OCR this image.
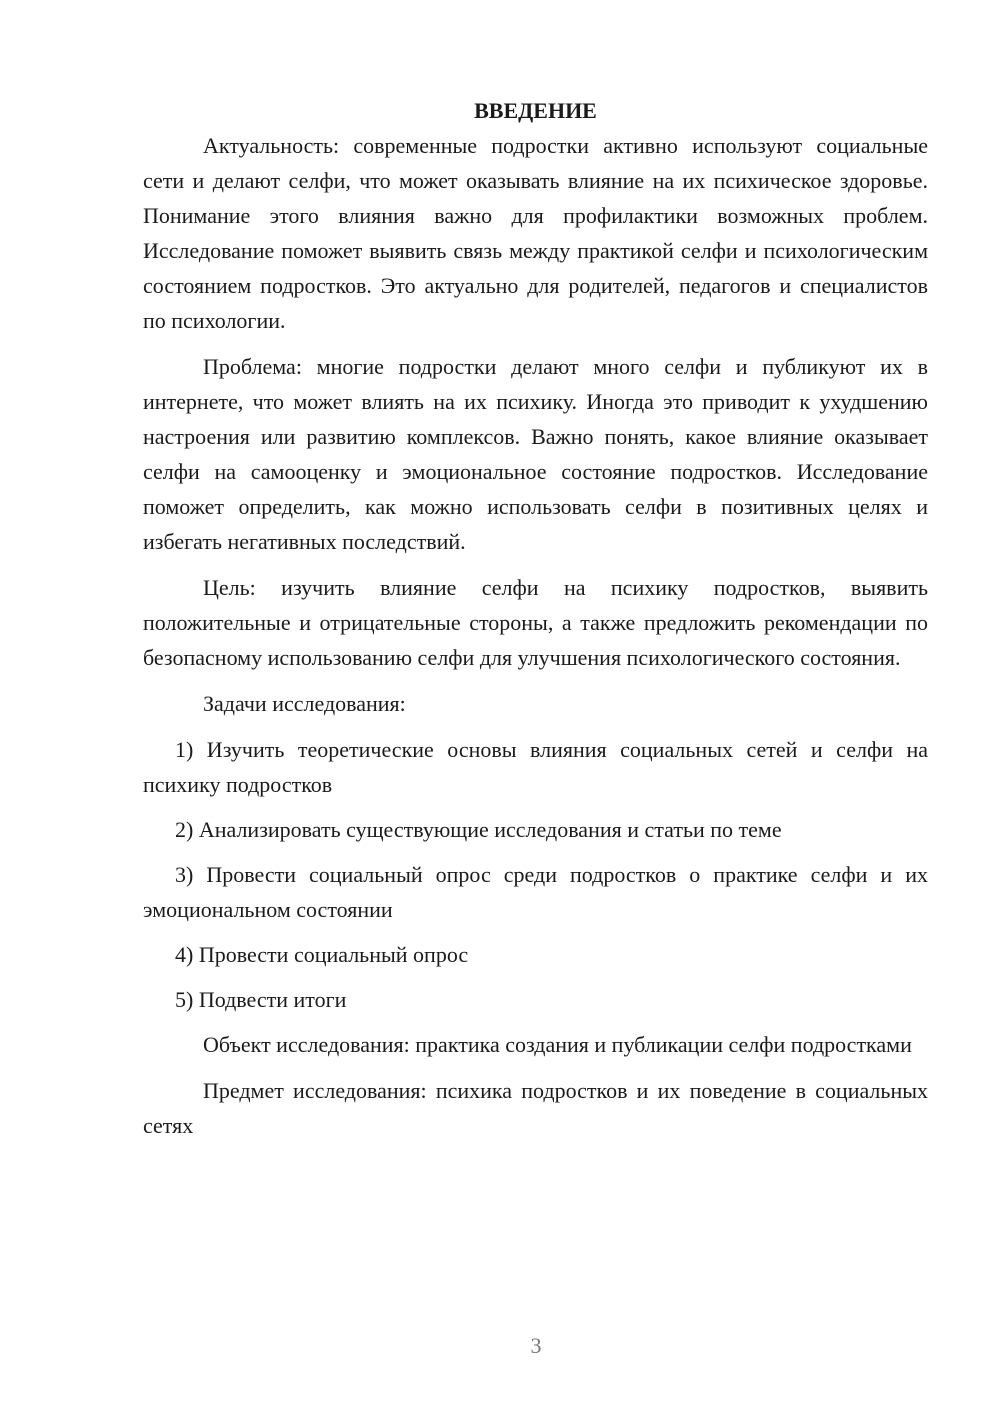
ВВЕДЕНИЕ

Актуальность: современные подростки активно используют социальные сети и делают селфи, что может оказывать влияние на их психическое здоровье. Понимание этого влияния важно для профилактики возможных проблем. Исследование поможет выявить связь между практикой селфи и психологическим состоянием подростков. Это актуально для родителей, педагогов и специалистов по психологии.

Проблема: многие подростки делают много селфи и публикуют их в интернете, что может влиять на их психику. Иногда это приводит к ухудшению настроения или развитию комплексов. Важно понять, какое влияние оказывает селфи на самооценку и эмоциональное состояние подростков. Исследование поможет определить, как можно использовать селфи в позитивных целях и избегать негативных последствий.

Цель: изучить влияние селфи на психику подростков, выявить положительные и отрицательные стороны, а также предложить рекомендации по безопасному использованию селфи для улучшения психологического состояния.

Задачи исследования:

1) Изучить теоретические основы влияния социальных сетей и селфи на психику подростков

2) Анализировать существующие исследования и статьи по теме

3) Провести социальный опрос среди подростков о практике селфи и их эмоциональном состоянии

4) Провести социальный опрос

5) Подвести итоги

Объект исследования: практика создания и публикации селфи подростками

Предмет исследования: психика подростков и их поведение в социальных сетях

3
